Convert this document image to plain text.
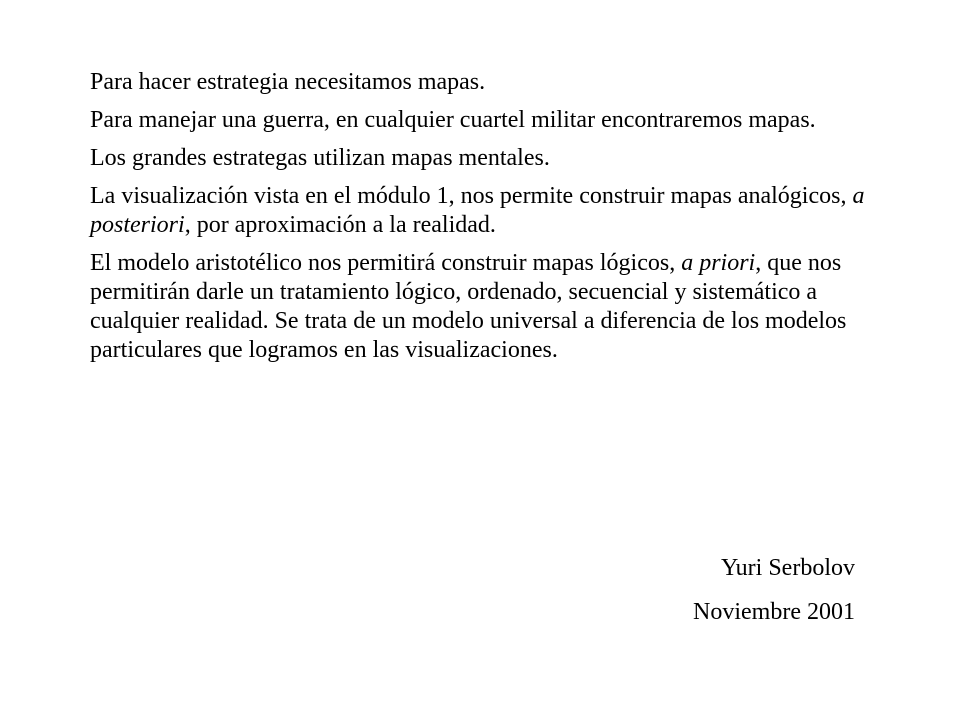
Para hacer estrategia necesitamos mapas.

Para manejar una guerra, en cualquier cuartel militar encontraremos mapas.

Los grandes estrategas utilizan mapas mentales.

La visualización vista en el módulo 1, nos permite construir mapas analógicos, a posteriori, por aproximación a la realidad.

El modelo aristotélico nos permitirá construir mapas lógicos, a priori, que nos permitirán darle un tratamiento lógico, ordenado, secuencial y sistemático a cualquier realidad. Se trata de un modelo universal a diferencia de los modelos particulares que logramos en las visualizaciones.

Yuri Serbolov

Noviembre 2001
